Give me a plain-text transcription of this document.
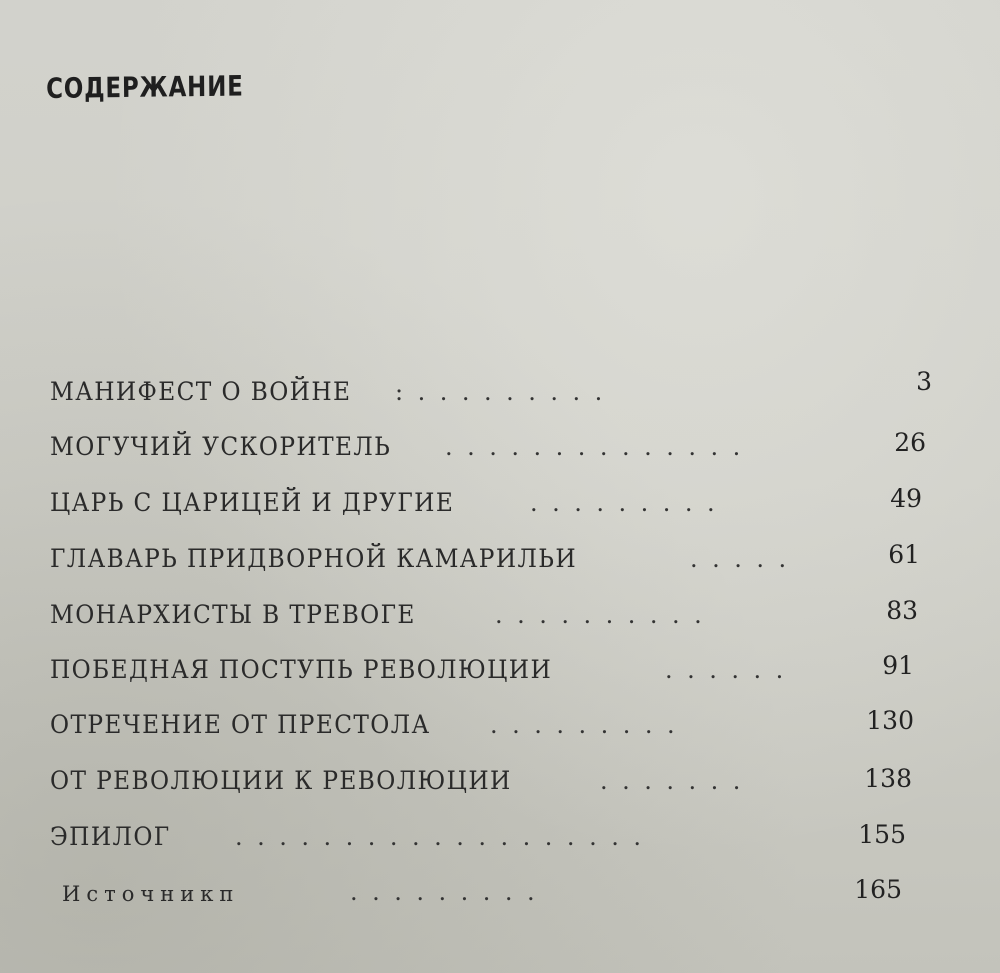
СОДЕРЖАНИЕ
МАНИФЕСТ О ВОЙНЕ :.........	3
МОГУЧИЙ УСКОРИТЕЛЬ ..............	26
ЦАРЬ С ЦАРИЦЕЙ И ДРУГИЕ	.........	49
ГЛАВАРЬ ПРИДВОРНОЙ КАМАРИЛЬИ	.....	61
МОНАРХИСТЫ В ТРЕВОГЕ	..........	83
ПОБЕДНАЯ ПОСТУПЬ РЕВОЛЮЦИИ	......	91
ОТРЕЧЕНИЕ ОТ ПРЕСТОЛА .........	130
ОТ РЕВОЛЮЦИИ К РЕВОЛЮЦИИ	.......	138
ЭПИЛОГ	...................	155
Источникп	.........	165
